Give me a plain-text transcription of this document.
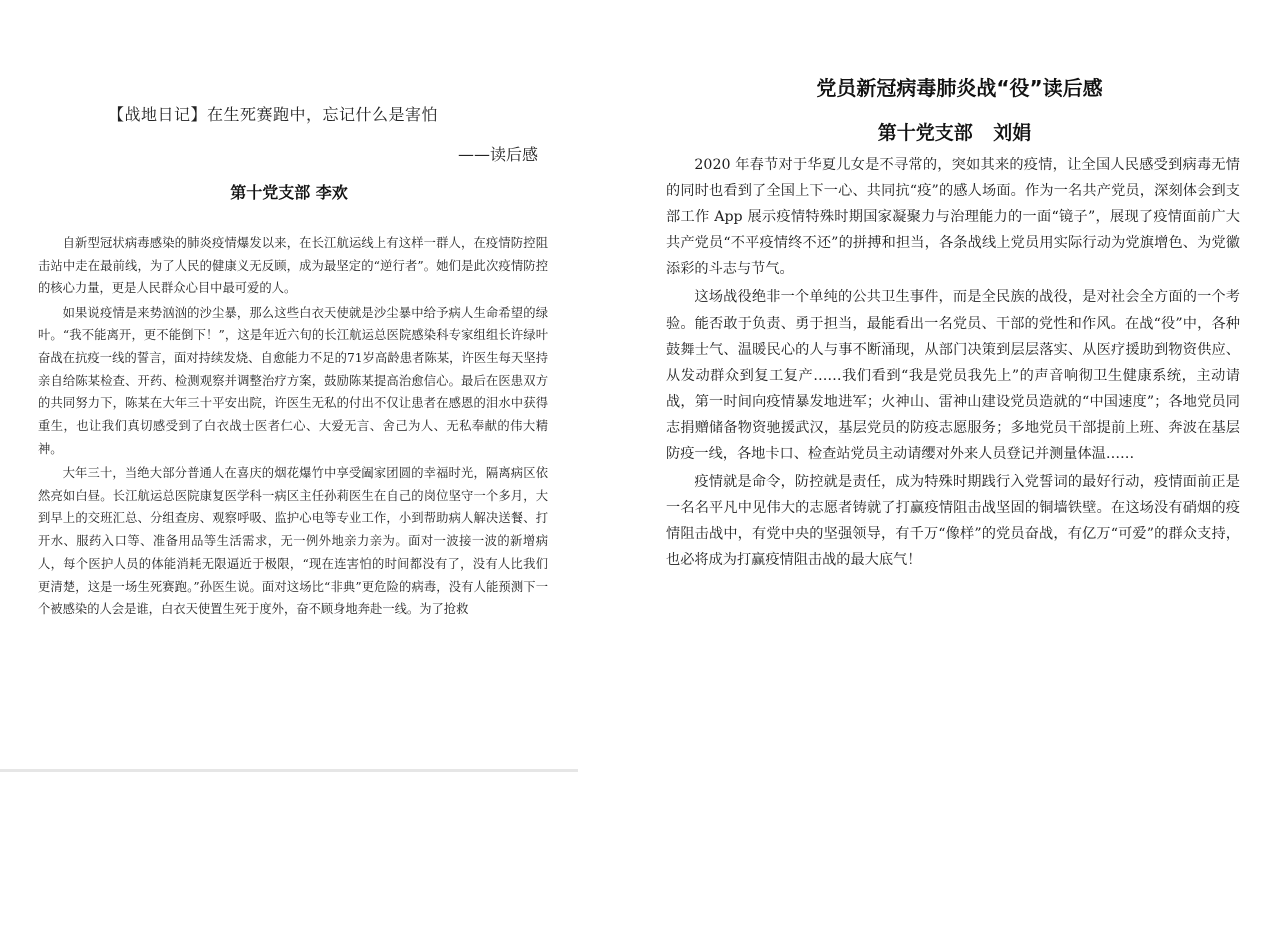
【战地日记】在生死赛跑中，忘记什么是害怕
——读后感
第十党支部 李欢

自新型冠状病毒感染的肺炎疫情爆发以来，在长江航运线上有这样一群人，在疫情防控阻击站中走在最前线，为了人民的健康义无反顾，成为最坚定的“逆行者”。她们是此次疫情防控的核心力量，更是人民群众心目中最可爱的人。

如果说疫情是来势汹汹的沙尘暴，那么这些白衣天使就是沙尘暴中给予病人生命希望的绿叶。“我不能离开，更不能倒下！”，这是年近六旬的长江航运总医院感染科专家组组长许绿叶奋战在抗疫一线的誓言，面对持续发烧、自愈能力不足的71岁高龄患者陈某，许医生每天坚持亲自给陈某检查、开药、检测观察并调整治疗方案，鼓励陈某提高治愈信心。最后在医患双方的共同努力下，陈某在大年三十平安出院，许医生无私的付出不仅让患者在感恩的泪水中获得重生，也让我们真切感受到了白衣战士医者仁心、大爱无言、舍己为人、无私奉献的伟大精神。

大年三十，当绝大部分普通人在喜庆的烟花爆竹中享受阖家团圆的幸福时光，隔离病区依然亮如白昼。长江航运总医院康复医学科一病区主任孙莉医生在自己的岗位坚守一个多月，大到早上的交班汇总、分组查房、观察呼吸、监护心电等专业工作，小到帮助病人解决送餐、打开水、服药入口等、准备用品等生活需求，无一例外地亲力亲为。面对一波接一波的新增病人，每个医护人员的体能消耗无限逼近于极限，“现在连害怕的时间都没有了，没有人比我们更清楚，这是一场生死赛跑。”孙医生说。面对这场比“非典”更危险的病毒，没有人能预测下一个被感染的人会是谁，白衣天使置生死于度外，奋不顾身地奔赴一线。为了抢救

党员新冠病毒肺炎战“役”读后感
第十党支部 刘娟

2020 年春节对于华夏儿女是不寻常的，突如其来的疫情，让全国人民感受到病毒无情的同时也看到了全国上下一心、共同抗“疫”的感人场面。作为一名共产党员，深刻体会到支部工作 App 展示疫情特殊时期国家凝聚力与治理能力的一面“镜子”，展现了疫情面前广大共产党员“不平疫情终不还”的拼搏和担当，各条战线上党员用实际行动为党旗增色、为党徽添彩的斗志与节气。

这场战役绝非一个单纯的公共卫生事件，而是全民族的战役，是对社会全方面的一个考验。能否敢于负责、勇于担当，最能看出一名党员、干部的党性和作风。在战“役”中，各种鼓舞士气、温暖民心的人与事不断涌现，从部门决策到层层落实、从医疗援助到物资供应、从发动群众到复工复产……我们看到“我是党员我先上”的声音响彻卫生健康系统，主动请战，第一时间向疫情暴发地进军；火神山、雷神山建设党员造就的“中国速度”；各地党员同志捐赠储备物资驰援武汉，基层党员的防疫志愿服务；多地党员干部提前上班、奔波在基层防疫一线，各地卡口、检查站党员主动请缨对外来人员登记并测量体温……

疫情就是命令，防控就是责任，成为特殊时期践行入党誓词的最好行动，疫情面前正是一名名平凡中见伟大的志愿者铸就了打赢疫情阻击战坚固的铜墙铁壁。在这场没有硝烟的疫情阻击战中，有党中央的坚强领导，有千万“像样”的党员奋战，有亿万“可爱”的群众支持，也必将成为打赢疫情阻击战的最大底气！
